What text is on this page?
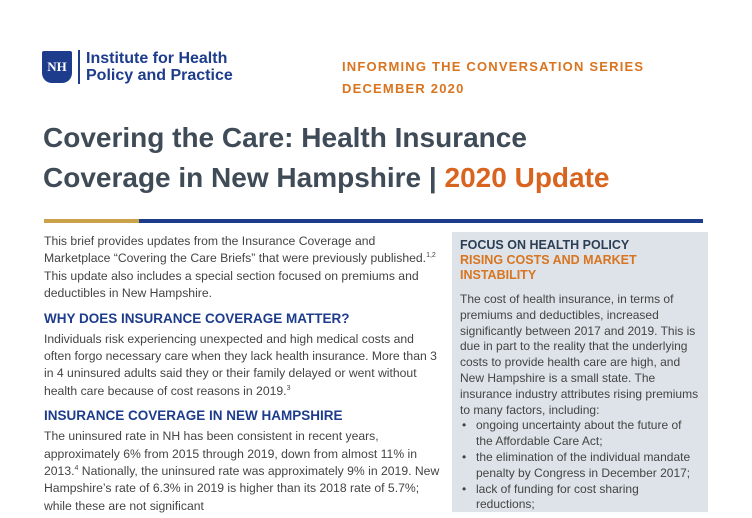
NH	Institute for Health
Policy and Practice
INFORMING THE CONVERSATION SERIES
DECEMBER 2020
Covering the Care: Health Insurance
Coverage in New Hampshire | 2020 Update

This brief provides updates from the Insurance Coverage and Marketplace “Covering the Care Briefs” that were previously published.$^{1,2}$ This update also includes a special section focused on premiums and deductibles in New Hampshire.

WHY DOES INSURANCE COVERAGE MATTER?

Individuals risk experiencing unexpected and high medical costs and often forgo necessary care when they lack health insurance. More than 3 in 4 uninsured adults said they or their family delayed or went without health care because of cost reasons in 2019.$^3$

INSURANCE COVERAGE IN NEW HAMPSHIRE

The uninsured rate in NH has been consistent in recent years, approximately 6% from 2015 through 2019, down from almost 11% in 2013.$^4$ Nationally, the uninsured rate was approximately 9% in 2019. New Hampshire’s rate of 6.3% in 2019 is higher than its 2018 rate of 5.7%; while these are not significant

FOCUS ON HEALTH POLICY
RISING COSTS AND MARKET INSTABILITY

The cost of health insurance, in terms of premiums and deductibles, increased significantly between 2017 and 2019. This is due in part to the reality that the underlying costs to provide health care are high, and New Hampshire is a small state. The insurance industry attributes rising premiums to many factors, including:

• ongoing uncertainty about the future of the Affordable Care Act;
• the elimination of the individual mandate penalty by Congress in December 2017;
• lack of funding for cost sharing reductions;
